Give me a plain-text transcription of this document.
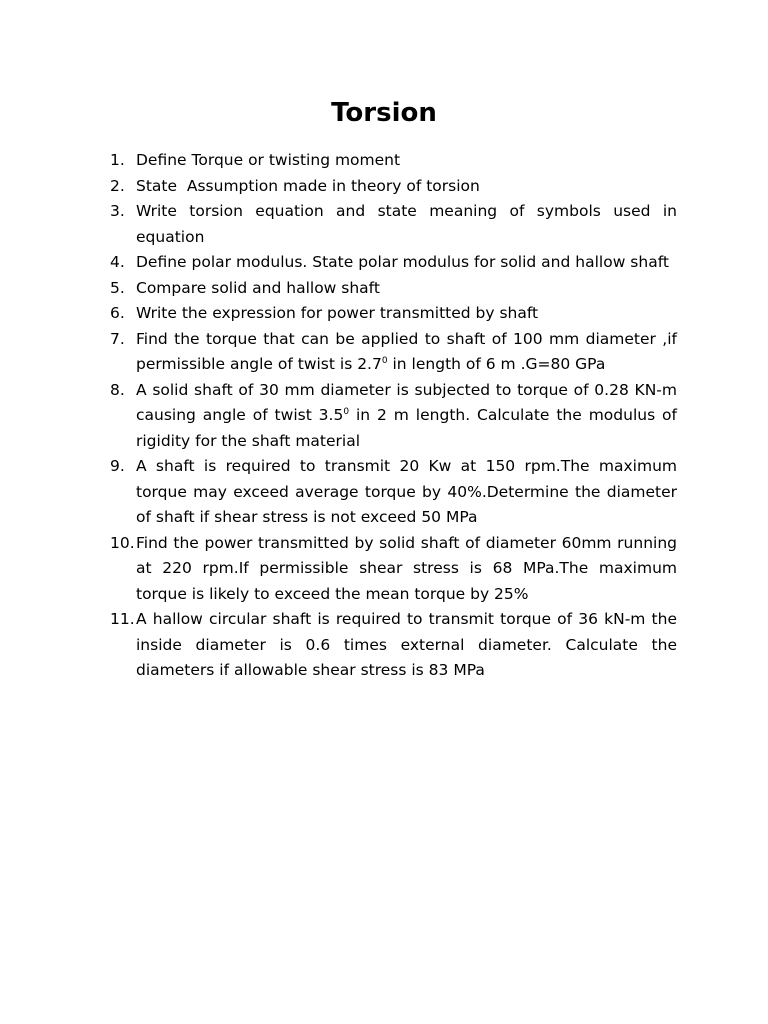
Torsion
1. Define Torque or twisting moment
2. State  Assumption made in theory of torsion
3. Write torsion equation and state meaning of symbols used in equation
4. Define polar modulus. State polar modulus for solid and hallow shaft
5. Compare solid and hallow shaft
6. Write the expression for power transmitted by shaft
7. Find the torque that can be applied to shaft of 100 mm diameter ,if permissible angle of twist is $2.7^0$ in length of 6 m .G=80 GPa
8. A solid shaft of 30 mm diameter is subjected to torque of 0.28 KN-m causing angle of twist $3.5^0$ in 2 m length. Calculate the modulus of rigidity for the shaft material
9. A shaft is required to transmit 20 Kw at 150 rpm.The maximum torque may exceed average torque by 40%.Determine the diameter of shaft if shear stress is not exceed 50 MPa
10. Find the power transmitted by solid shaft of diameter 60mm running at 220 rpm.If permissible shear stress is 68 MPa.The maximum torque is likely to exceed the mean torque by 25%
11. A hallow circular shaft is required to transmit torque of 36 kN-m the inside diameter is 0.6 times external diameter. Calculate the diameters if allowable shear stress is 83 MPa
